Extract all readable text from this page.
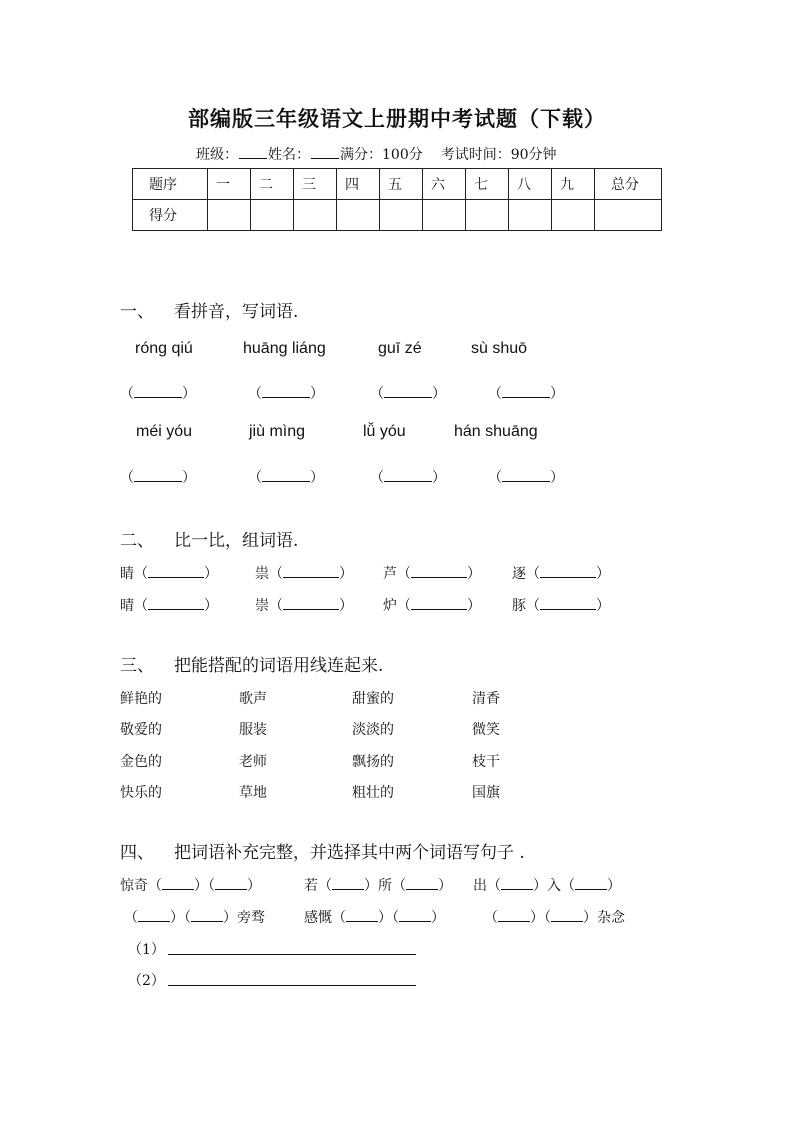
部编版三年级语文上册期中考试题（下载）
班级： 姓名： 满分：100分 考试时间：90分钟
题序	一	二	三	四	五	六	七	八	九	总分
得分										
一、 看拼音，写词语.
róng qiú	huāng liáng	guī zé	sù shuō
（	）	（	）	（	）	（	）
méi yóu	jiù mìng	lǚ yóu	hán shuāng
（	）	（	）	（	）	（	）
二、 比一比，组词语.
睛（	）	祟（	） 芦（	） 逐（	）
晴（	）	崇（	） 炉（	） 豚（	）
三、 把能搭配的词语用线连起来.
鲜艳的	歌声	甜蜜的	清香
敬爱的	服装	淡淡的	微笑
金色的	老师	飘扬的	枝干
快乐的	草地	粗壮的	国旗
四、 把词语补充完整，并选择其中两个词语写句子 .
惊奇（ ）（ ）	若（ ）所（ ） 出（ ）入（ ）
（ ）（ ）旁骛	感慨（ ）（ ）	（ ）（ ）杂念
（1）
（2）
